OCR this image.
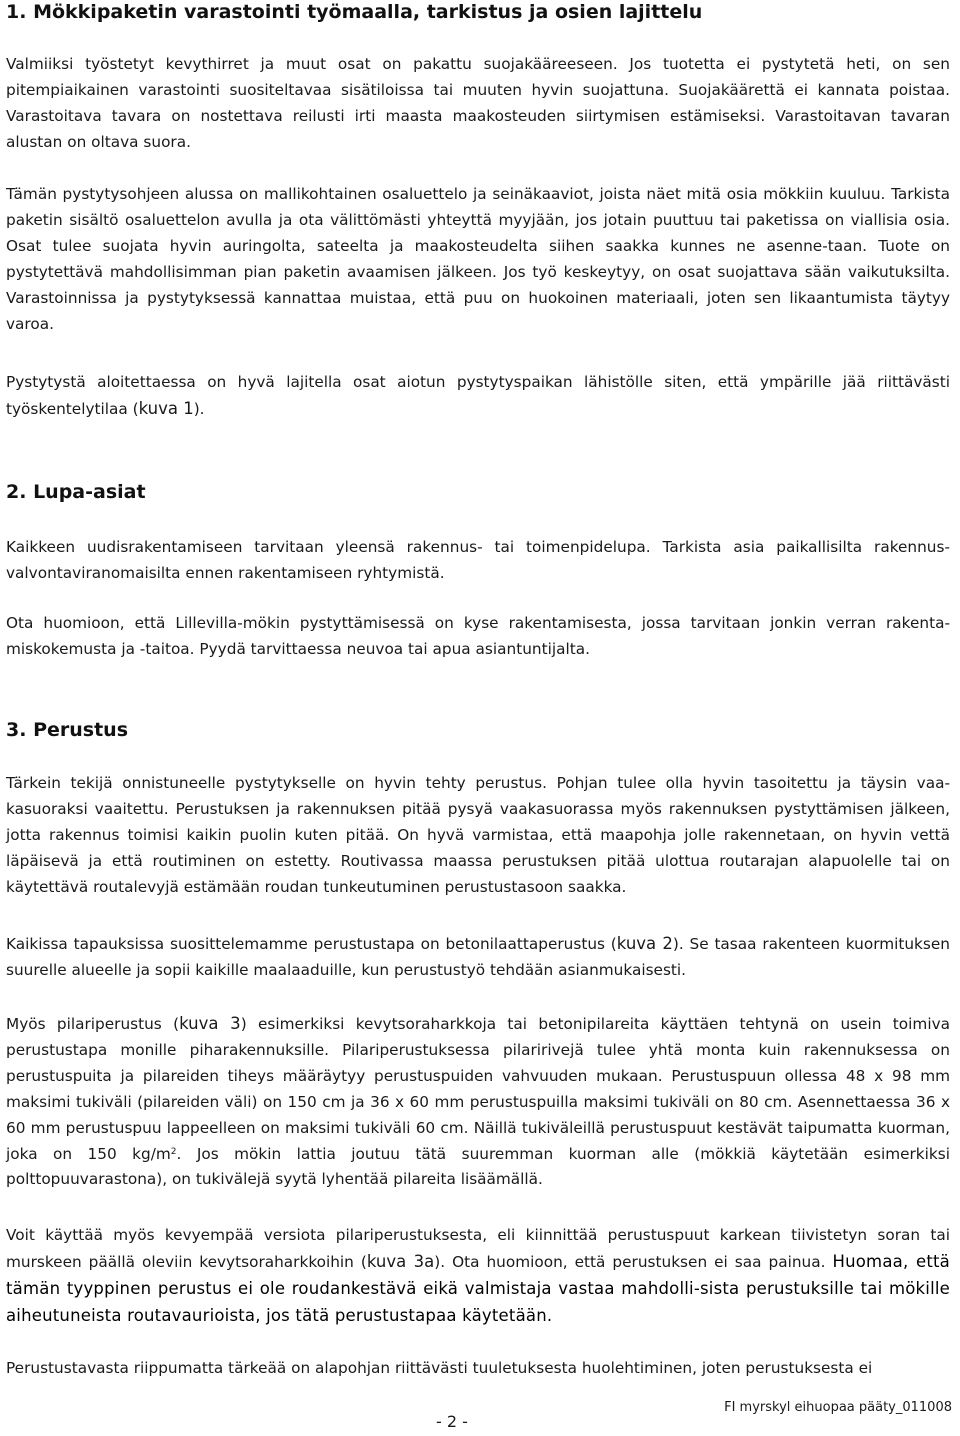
1. Mökkipaketin varastointi työmaalla, tarkistus ja osien lajittelu

Valmiiksi työstetyt kevythirret ja muut osat on pakattu suojakääreeseen. Jos tuotetta ei pystytetä heti, on sen pitempiaikainen varastointi suositeltavaa sisätiloissa tai muuten hyvin suojattuna. Suojakäärettä ei kannata poistaa. Varastoitava tavara on nostettava reilusti irti maasta maakosteuden siirtymisen estämiseksi. Varastoitavan tavaran alustan on oltava suora.

Tämän pystytysohjeen alussa on mallikohtainen osaluettelo ja seinäkaaviot, joista näet mitä osia mökkiin kuuluu. Tarkista paketin sisältö osaluettelon avulla ja ota välittömästi yhteyttä myyjään, jos jotain puuttuu tai paketissa on viallisia osia. Osat tulee suojata hyvin auringolta, sateelta ja maakosteudelta siihen saakka kunnes ne asenne-taan. Tuote on pystytettävä mahdollisimman pian paketin avaamisen jälkeen. Jos työ keskeytyy, on osat suojattava sään vaikutuksilta. Varastoinnissa ja pystytyksessä kannattaa muistaa, että puu on huokoinen materiaali, joten sen likaantumista täytyy varoa.

Pystytystä aloitettaessa on hyvä lajitella osat aiotun pystytyspaikan lähistölle siten, että ympärille jää riittävästi työskentelytilaa (kuva 1).

2. Lupa-asiat

Kaikkeen uudisrakentamiseen tarvitaan yleensä rakennus- tai toimenpidelupa. Tarkista asia paikallisilta rakennus-valvontaviranomaisilta ennen rakentamiseen ryhtymistä.

Ota huomioon, että Lillevilla-mökin pystyttämisessä on kyse rakentamisesta, jossa tarvitaan jonkin verran rakenta-miskokemusta ja -taitoa. Pyydä tarvittaessa neuvoa tai apua asiantuntijalta.

3. Perustus

Tärkein tekijä onnistuneelle pystytykselle on hyvin tehty perustus. Pohjan tulee olla hyvin tasoitettu ja täysin vaa-kasuoraksi vaaitettu. Perustuksen ja rakennuksen pitää pysyä vaakasuorassa myös rakennuksen pystyttämisen jälkeen, jotta rakennus toimisi kaikin puolin kuten pitää. On hyvä varmistaa, että maapohja jolle rakennetaan, on hyvin vettä läpäisevä ja että routiminen on estetty. Routivassa maassa perustuksen pitää ulottua routarajan alapuolelle tai on käytettävä routalevyjä estämään roudan tunkeutuminen perustustasoon saakka.

Kaikissa tapauksissa suosittelemamme perustustapa on betonilaattaperustus (kuva 2). Se tasaa rakenteen kuormituksen suurelle alueelle ja sopii kaikille maalaaduille, kun perustustyö tehdään asianmukaisesti.

Myös pilariperustus (kuva 3) esimerkiksi kevytsoraharkkoja tai betonipilareita käyttäen tehtynä on usein toimiva perustustapa monille piharakennuksille. Pilariperustuksessa pilaririvejä tulee yhtä monta kuin rakennuksessa on perustuspuita ja pilareiden tiheys määräytyy perustuspuiden vahvuuden mukaan. Perustuspuun ollessa 48 x 98 mm maksimi tukiväli (pilareiden väli) on 150 cm ja 36 x 60 mm perustuspuilla maksimi tukiväli on 80 cm. Asennettaessa 36 x 60 mm perustuspuu lappeelleen on maksimi tukiväli 60 cm. Näillä tukiväleillä perustuspuut kestävät taipumatta kuorman, joka on 150 $kg/m^2$. Jos mökin lattia joutuu tätä suuremman kuorman alle (mökkiä käytetään esimerkiksi polttopuuvarastona), on tukivälejä syytä lyhentää pilareita lisäämällä.

Voit käyttää myös kevyempää versiota pilariperustuksesta, eli kiinnittää perustuspuut karkean tiivistetyn soran tai murskeen päällä oleviin kevytsoraharkkoihin (kuva 3a). Ota huomioon, että perustuksen ei saa painua. Huomaa, että tämän tyyppinen perustus ei ole roudankestävä eikä valmistaja vastaa mahdolli-sista perustuksille tai mökille aiheutuneista routavaurioista, jos tätä perustustapaa käytetään.

Perustustavasta riippumatta tärkeää on alapohjan riittävästi tuuletuksesta huolehtiminen, joten perustuksesta ei

- 2 -
FI myrskyl eihuopaa pääty_011008
